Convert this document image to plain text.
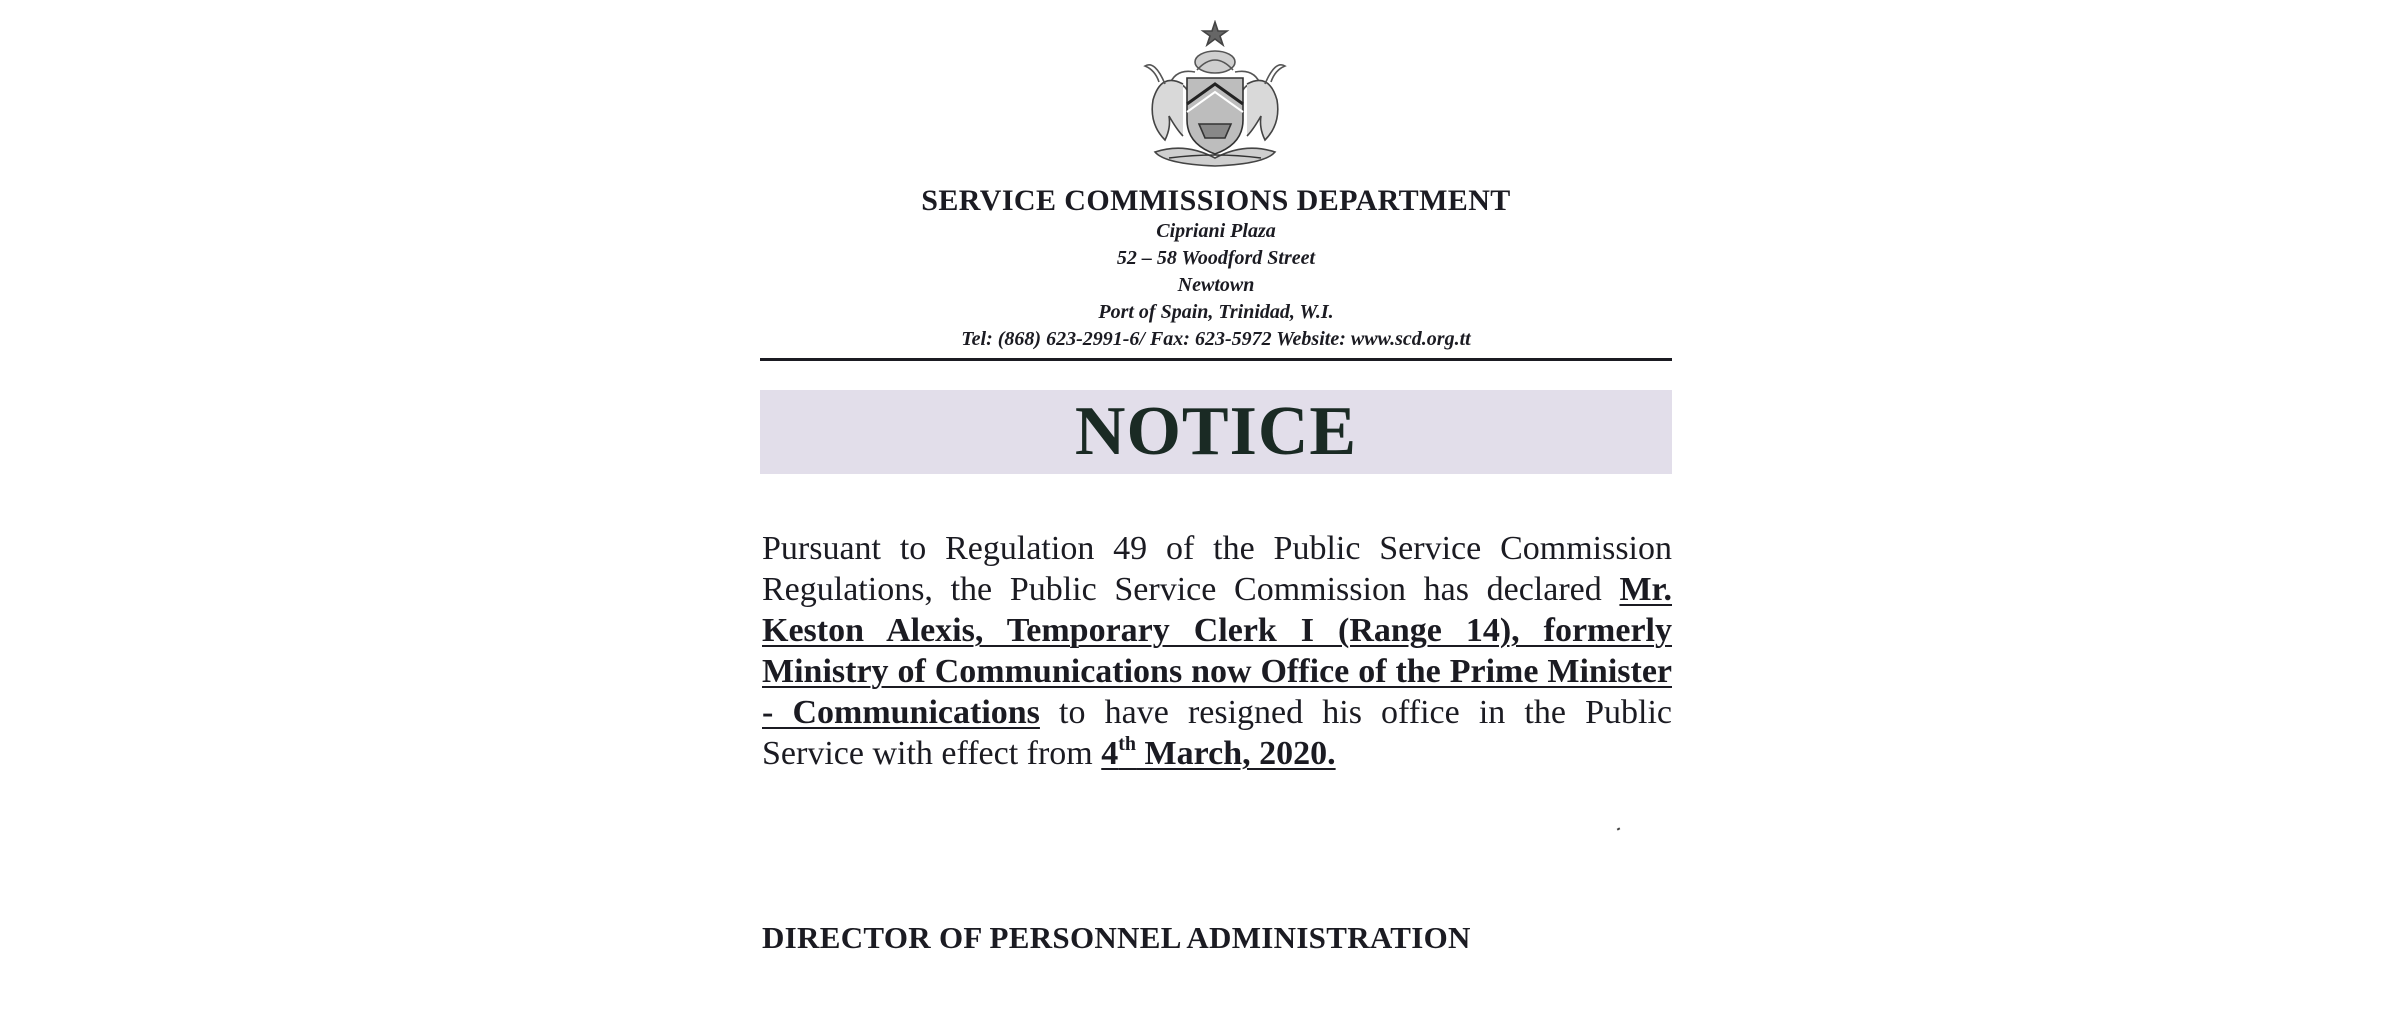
SERVICE COMMISSIONS DEPARTMENT
Cipriani Plaza
52 – 58 Woodford Street
Newtown
Port of Spain, Trinidad, W.I.
Tel: (868) 623-2991-6/ Fax: 623-5972 Website: www.scd.org.tt
NOTICE
Pursuant to Regulation 49 of the Public Service Commission Regulations, the Public Service Commission has declared Mr. Keston Alexis, Temporary Clerk I (Range 14), formerly Ministry of Communications now Office of the Prime Minister - Communications to have resigned his office in the Public Service with effect from 4th March, 2020.
DIRECTOR OF PERSONNEL ADMINISTRATION
